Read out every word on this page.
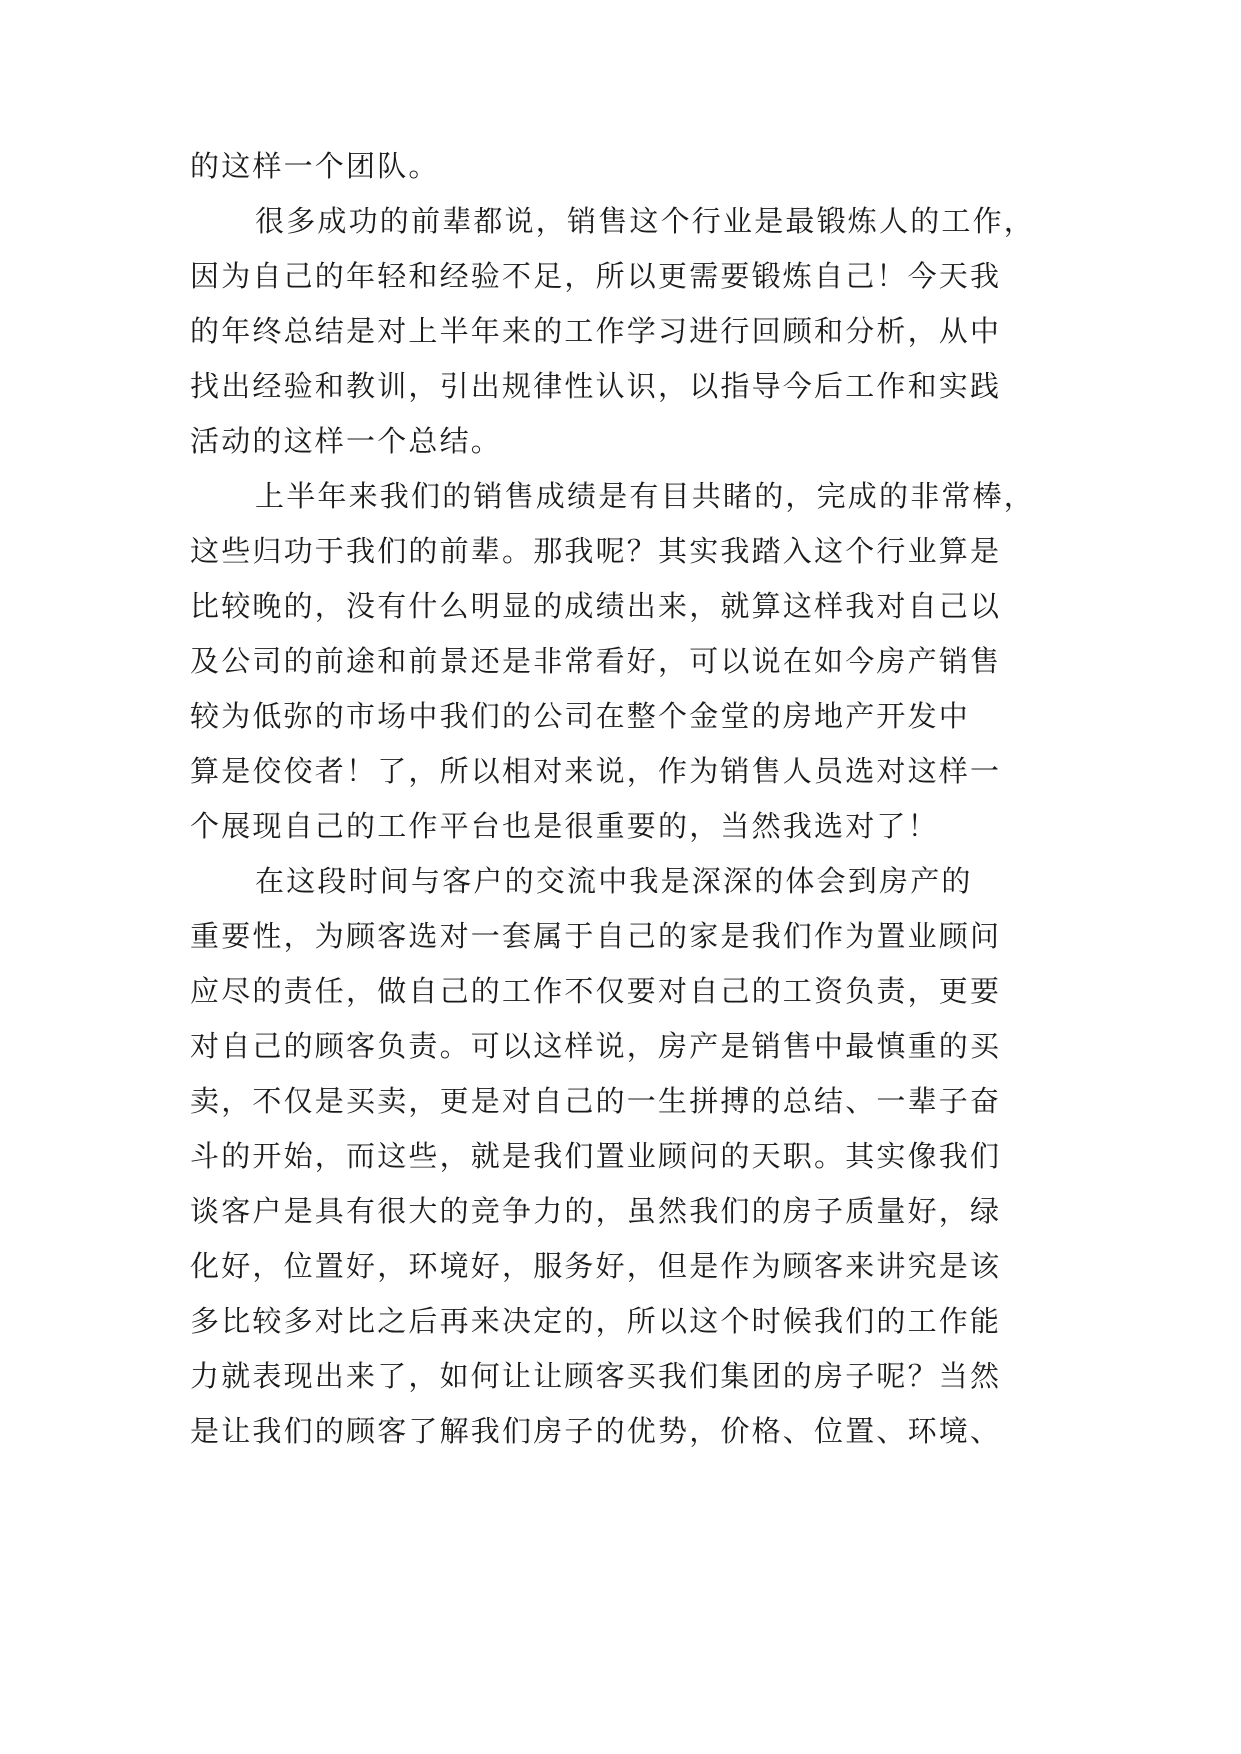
的这样一个团队。
很多成功的前辈都说，销售这个行业是最锻炼人的工作，
因为自己的年轻和经验不足，所以更需要锻炼自己！今天我
的年终总结是对上半年来的工作学习进行回顾和分析，从中
找出经验和教训，引出规律性认识，以指导今后工作和实践
活动的这样一个总结。
上半年来我们的销售成绩是有目共睹的，完成的非常棒，
这些归功于我们的前辈。那我呢？其实我踏入这个行业算是
比较晚的，没有什么明显的成绩出来，就算这样我对自己以
及公司的前途和前景还是非常看好，可以说在如今房产销售
较为低弥的市场中我们的公司在整个金堂的房地产开发中
算是佼佼者！了，所以相对来说，作为销售人员选对这样一
个展现自己的工作平台也是很重要的，当然我选对了！
在这段时间与客户的交流中我是深深的体会到房产的
重要性，为顾客选对一套属于自己的家是我们作为置业顾问
应尽的责任，做自己的工作不仅要对自己的工资负责，更要
对自己的顾客负责。可以这样说，房产是销售中最慎重的买
卖，不仅是买卖，更是对自己的一生拼搏的总结、一辈子奋
斗的开始，而这些，就是我们置业顾问的天职。其实像我们
谈客户是具有很大的竞争力的，虽然我们的房子质量好，绿
化好，位置好，环境好，服务好，但是作为顾客来讲究是该
多比较多对比之后再来决定的，所以这个时候我们的工作能
力就表现出来了，如何让让顾客买我们集团的房子呢？当然
是让我们的顾客了解我们房子的优势，价格、位置、环境、
